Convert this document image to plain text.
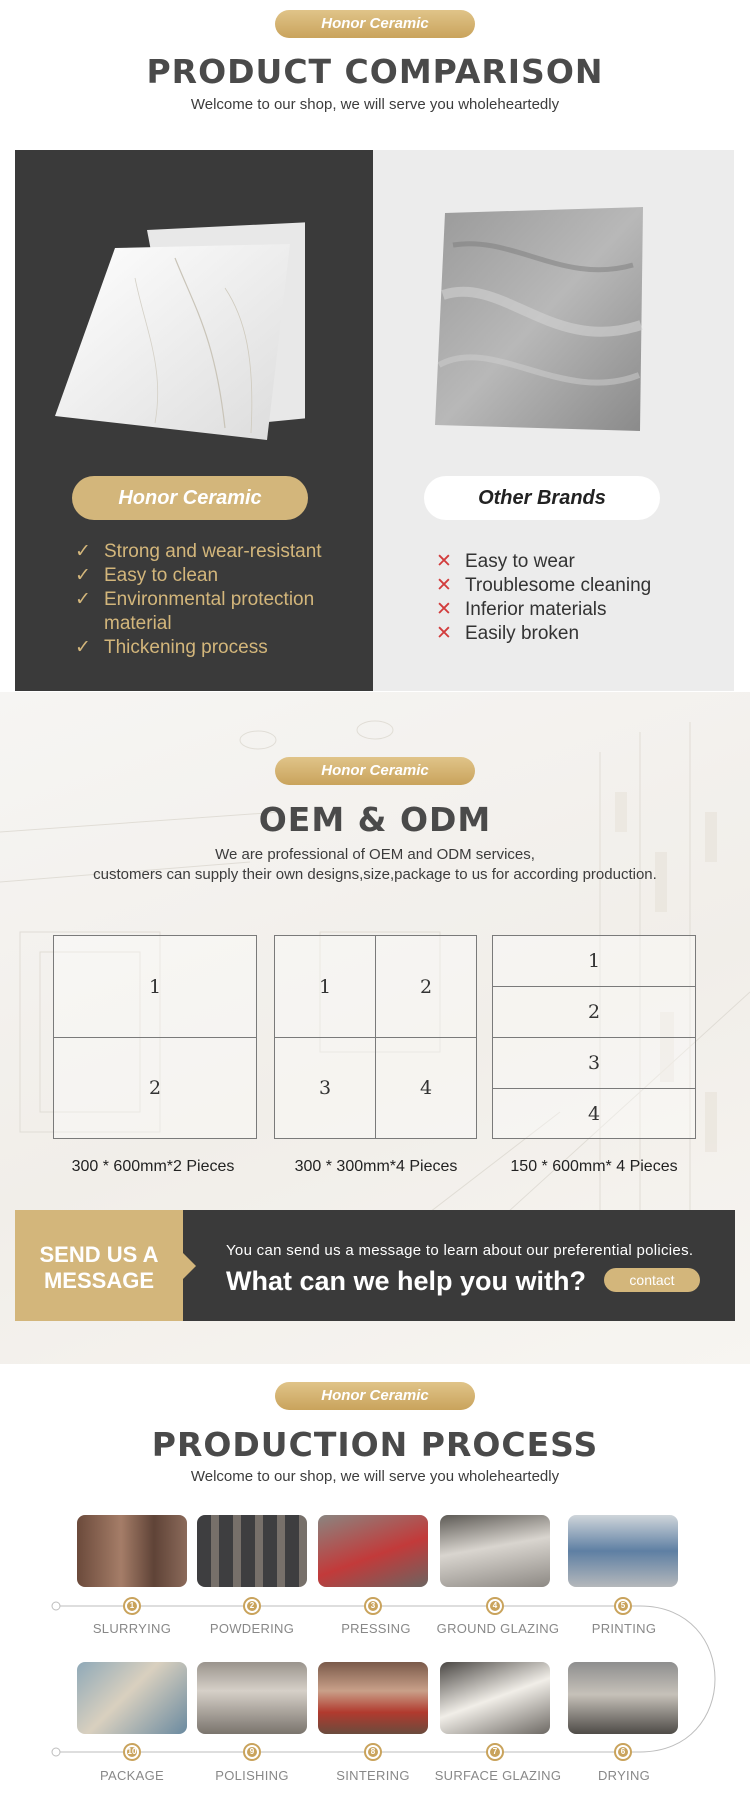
Honor Ceramic
PRODUCT COMPARISON
Welcome to our shop, we will serve you wholeheartedly
Honor Ceramic
✓ Strong and wear-resistant
✓ Easy to clean
✓ Environmental protection material
✓ Thickening process
Other Brands
✕ Easy to wear
✕ Troublesome cleaning
✕ Inferior materials
✕ Easily broken
Honor Ceramic
OEM & ODM
We are professional of OEM and ODM services,
customers can supply their own designs,size,package to us for according production.
1
2
300 * 600mm*2 Pieces
1	2
3	4
300 * 300mm*4 Pieces
1
2
3
4
150 * 600mm* 4 Pieces
SEND US A
MESSAGE
You can send us a message to learn about our preferential policies.
What can we help you with?	contact
Honor Ceramic
PRODUCTION PROCESS
Welcome to our shop, we will serve you wholeheartedly
1	2	3	4	5
SLURRYING	POWDERING	PRESSING	GROUND GLAZING	PRINTING
10	9	8	7	6
PACKAGE	POLISHING	SINTERING	SURFACE GLAZING	DRYING
